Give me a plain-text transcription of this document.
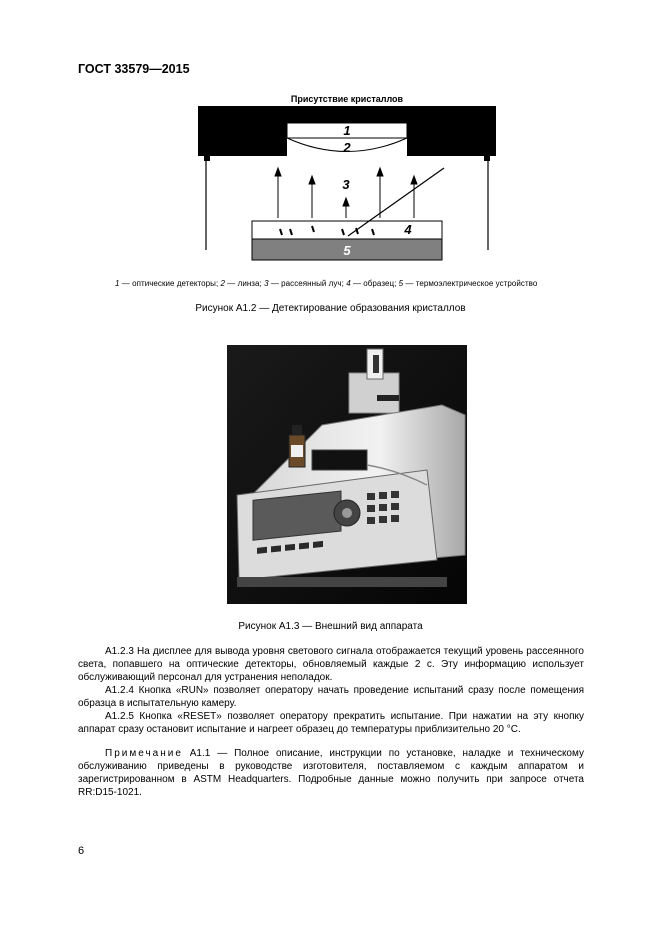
ГОСТ 33579—2015
Присутствие кристаллов
1
2
3
4
5
1 — оптические детекторы; 2 — линза; 3 — рассеянный луч; 4 — образец; 5 — термоэлектрическое устройство
Рисунок А1.2 — Детектирование образования кристаллов
Рисунок А1.3 — Внешний вид аппарата

А1.2.3 На дисплее для вывода уровня светового сигнала отображается текущий уровень рассеянного света, попавшего на оптические детекторы, обновляемый каждые 2 с. Эту информацию использует обслуживающий персонал для устранения неполадок.

А1.2.4 Кнопка «RUN» позволяет оператору начать проведение испытаний сразу после помещения образца в испытательную камеру.

А1.2.5 Кнопка «RESET» позволяет оператору прекратить испытание. При нажатии на эту кнопку аппарат сразу остановит испытание и нагреет образец до температуры приблизительно 20 °С.

Примечание А1.1 — Полное описание, инструкции по установке, наладке и техническому обслуживанию приведены в руководстве изготовителя, поставляемом с каждым аппаратом и зарегистрированном в ASTM Headquarters. Подробные данные можно получить при запросе отчета RR:D15-1021.

6
